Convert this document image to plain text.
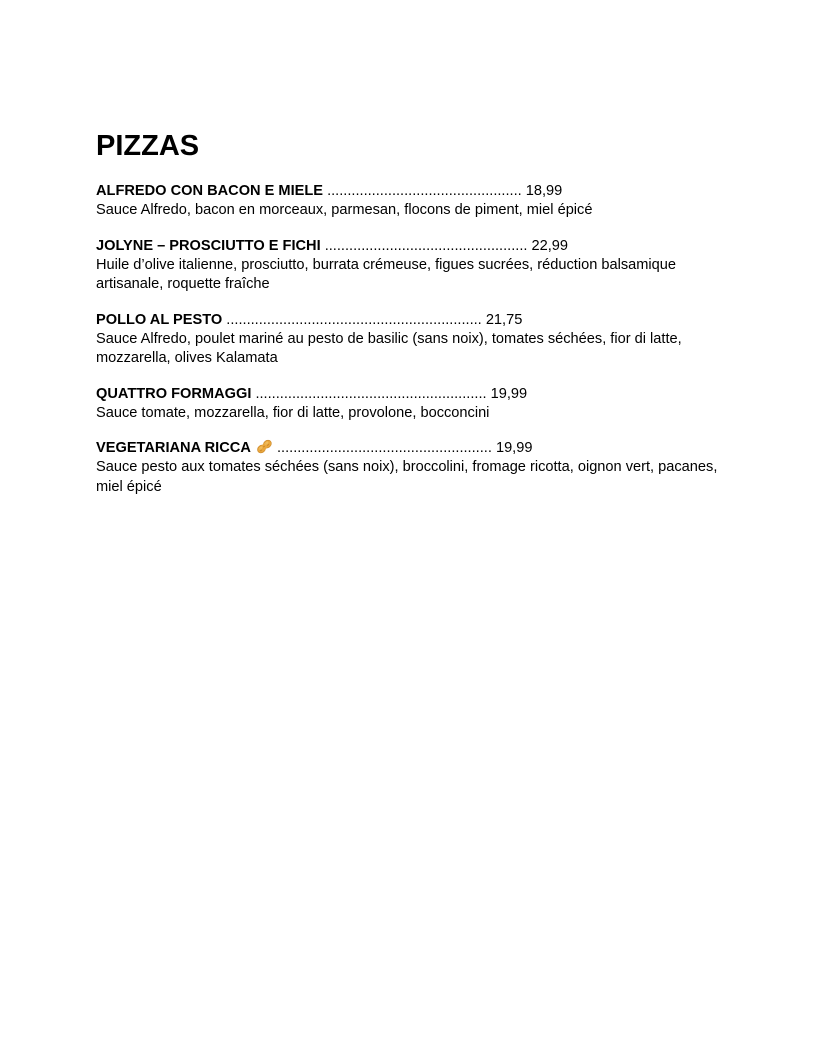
PIZZAS
ALFREDO CON BACON E MIELE ................................................ 18,99
Sauce Alfredo, bacon en morceaux, parmesan, flocons de piment, miel épicé
JOLYNE – PROSCIUTTO E FICHI .................................................. 22,99
Huile d’olive italienne, prosciutto, burrata crémeuse, figues sucrées, réduction balsamique artisanale, roquette fraîche
POLLO AL PESTO ............................................................... 21,75
Sauce Alfredo, poulet mariné au pesto de basilic (sans noix), tomates séchées, fior di latte, mozzarella, olives Kalamata
QUATTRO FORMAGGI ......................................................... 19,99
Sauce tomate, mozzarella, fior di latte, provolone, bocconcini
VEGETARIANA RICCA ..................................................... 19,99
Sauce pesto aux tomates séchées (sans noix), broccolini, fromage ricotta, oignon vert, pacanes, miel épicé
